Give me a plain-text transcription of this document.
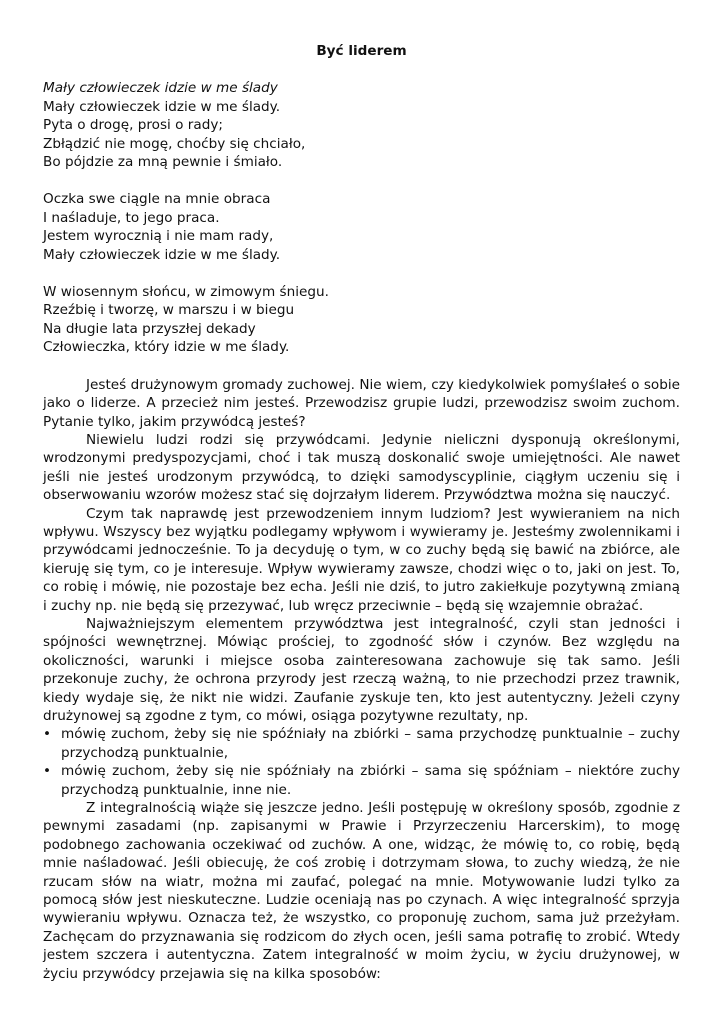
Być liderem
Mały człowieczek idzie w me ślady
Mały człowieczek idzie w me ślady.
Pyta o drogę, prosi o rady;
Zbłądzić nie mogę, choćby się chciało,
Bo pójdzie za mną pewnie i śmiało.
Oczka swe ciągle na mnie obraca
I naśladuje, to jego praca.
Jestem wyrocznią i nie mam rady,
Mały człowieczek idzie w me ślady.
W wiosennym słońcu, w zimowym śniegu.
Rzeźbię i tworzę, w marszu i w biegu
Na długie lata przyszłej dekady
Człowieczka, który idzie w me ślady.

Jesteś drużynowym gromady zuchowej. Nie wiem, czy kiedykolwiek pomyślałeś o sobie jako o liderze. A przecież nim jesteś. Przewodzisz grupie ludzi, przewodzisz swoim zuchom. Pytanie tylko, jakim przywódcą jesteś?

Niewielu ludzi rodzi się przywódcami. Jedynie nieliczni dysponują określonymi, wrodzonymi predyspozycjami, choć i tak muszą doskonalić swoje umiejętności. Ale nawet jeśli nie jesteś urodzonym przywódcą, to dzięki samodyscyplinie, ciągłym uczeniu się i obserwowaniu wzorów możesz stać się dojrzałym liderem. Przywództwa można się nauczyć.

Czym tak naprawdę jest przewodzeniem innym ludziom? Jest wywieraniem na nich wpływu. Wszyscy bez wyjątku podlegamy wpływom i wywieramy je. Jesteśmy zwolennikami i przywódcami jednocześnie. To ja decyduję o tym, w co zuchy będą się bawić na zbiórce, ale kieruję się tym, co je interesuje. Wpływ wywieramy zawsze, chodzi więc o to, jaki on jest. To, co robię i mówię, nie pozostaje bez echa. Jeśli nie dziś, to jutro zakiełkuje pozytywną zmianą i zuchy np. nie będą się przezywać, lub wręcz przeciwnie – będą się wzajemnie obrażać.

Najważniejszym elementem przywództwa jest integralność, czyli stan jedności i spójności wewnętrznej. Mówiąc prościej, to zgodność słów i czynów. Bez względu na okoliczności, warunki i miejsce osoba zainteresowana zachowuje się tak samo. Jeśli przekonuje zuchy, że ochrona przyrody jest rzeczą ważną, to nie przechodzi przez trawnik, kiedy wydaje się, że nikt nie widzi. Zaufanie zyskuje ten, kto jest autentyczny. Jeżeli czyny drużynowej są zgodne z tym, co mówi, osiąga pozytywne rezultaty, np.

• mówię zuchom, żeby się nie spóźniały na zbiórki – sama przychodzę punktualnie – zuchy przychodzą punktualnie,
• mówię zuchom, żeby się nie spóźniały na zbiórki – sama się spóźniam – niektóre zuchy przychodzą punktualnie, inne nie.

Z integralnością wiąże się jeszcze jedno. Jeśli postępuję w określony sposób, zgodnie z pewnymi zasadami (np. zapisanymi w Prawie i Przyrzeczeniu Harcerskim), to mogę podobnego zachowania oczekiwać od zuchów. A one, widząc, że mówię to, co robię, będą mnie naśladować. Jeśli obiecuję, że coś zrobię i dotrzymam słowa, to zuchy wiedzą, że nie rzucam słów na wiatr, można mi zaufać, polegać na mnie. Motywowanie ludzi tylko za pomocą słów jest nieskuteczne. Ludzie oceniają nas po czynach. A więc integralność sprzyja wywieraniu wpływu. Oznacza też, że wszystko, co proponuję zuchom, sama już przeżyłam. Zachęcam do przyznawania się rodzicom do złych ocen, jeśli sama potrafię to zrobić. Wtedy jestem szczera i autentyczna. Zatem integralność w moim życiu, w życiu drużynowej, w życiu przywódcy przejawia się na kilka sposobów:
